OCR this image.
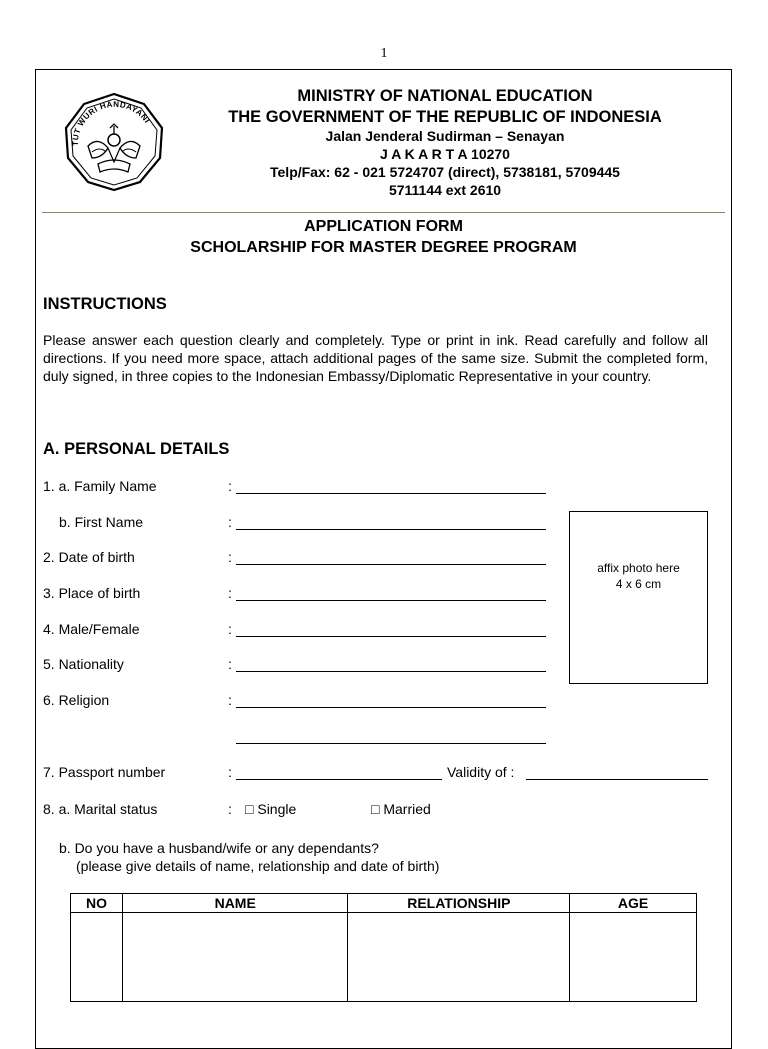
1
TUT WURI HANDAYANI
MINISTRY OF NATIONAL EDUCATION
THE GOVERNMENT OF THE REPUBLIC OF INDONESIA
Jalan Jenderal Sudirman – Senayan
J A K A R T A 10270
Telp/Fax: 62 - 021 5724707 (direct), 5738181, 5709445
5711144 ext 2610
APPLICATION FORM
SCHOLARSHIP FOR MASTER DEGREE PROGRAM
INSTRUCTIONS
Please answer each question clearly and completely. Type or print in ink. Read carefully and follow all directions. If you need more space, attach additional pages of the same size. Submit the completed form, duly signed, in three copies to the Indonesian Embassy/Diplomatic Representative in your country.
A. PERSONAL DETAILS
1. a. Family Name	:
b. First Name	:
2. Date of birth	:
3. Place of birth	:
4. Male/Female	:
5. Nationality	:
6. Religion	:
7. Passport number	:	Validity of :
8. a. Marital status	: □ Single	□ Married
b. Do you have a husband/wife or any dependants?
(please give details of name, relationship and date of birth)
affix photo here
4 x 6 cm
NO	NAME	RELATIONSHIP	AGE
